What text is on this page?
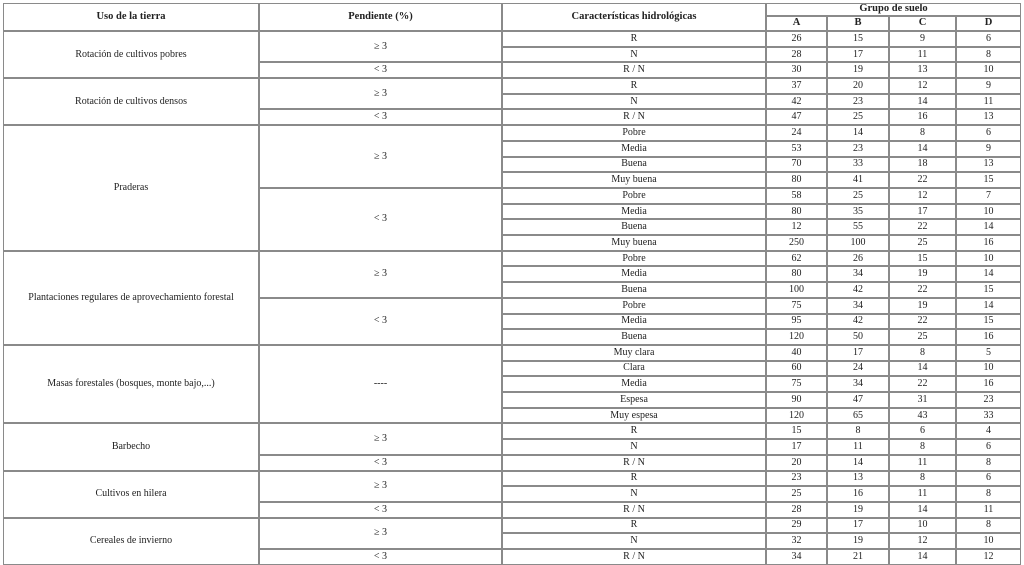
Uso de la tierra	Pendiente (%)	Características hidrológicas
Grupo de suelo
A	B	C	D
Rotación de cultivos pobres
≥ 3
R	26	15	9	6
N	28	17	11	8
< 3	R / N	30	19	13	10
Rotación de cultivos densos
≥ 3
R	37	20	12	9
N	42	23	14	11
< 3	R / N	47	25	16	13
Praderas
≥ 3
Pobre	24	14	8	6
Media	53	23	14	9
Buena	70	33	18	13
Muy buena	80	41	22	15
< 3
Pobre	58	25	12	7
Media	80	35	17	10
Buena	12	55	22	14
Muy buena	250	100	25	16
Plantaciones regulares de aprovechamiento forestal
≥ 3
Pobre	62	26	15	10
Media	80	34	19	14
Buena	100	42	22	15
< 3
Pobre	75	34	19	14
Media	95	42	22	15
Buena	120	50	25	16
Masas forestales (bosques, monte bajo,...)	----
Muy clara	40	17	8	5
Clara	60	24	14	10
Media	75	34	22	16
Espesa	90	47	31	23
Muy espesa	120	65	43	33
Barbecho
≥ 3
R	15	8	6	4
N	17	11	8	6
< 3	R / N	20	14	11	8
Cultivos en hilera
≥ 3
R	23	13	8	6
N	25	16	11	8
< 3	R / N	28	19	14	11
Cereales de invierno
≥ 3
R	29	17	10	8
N	32	19	12	10
< 3	R / N	34	21	14	12
